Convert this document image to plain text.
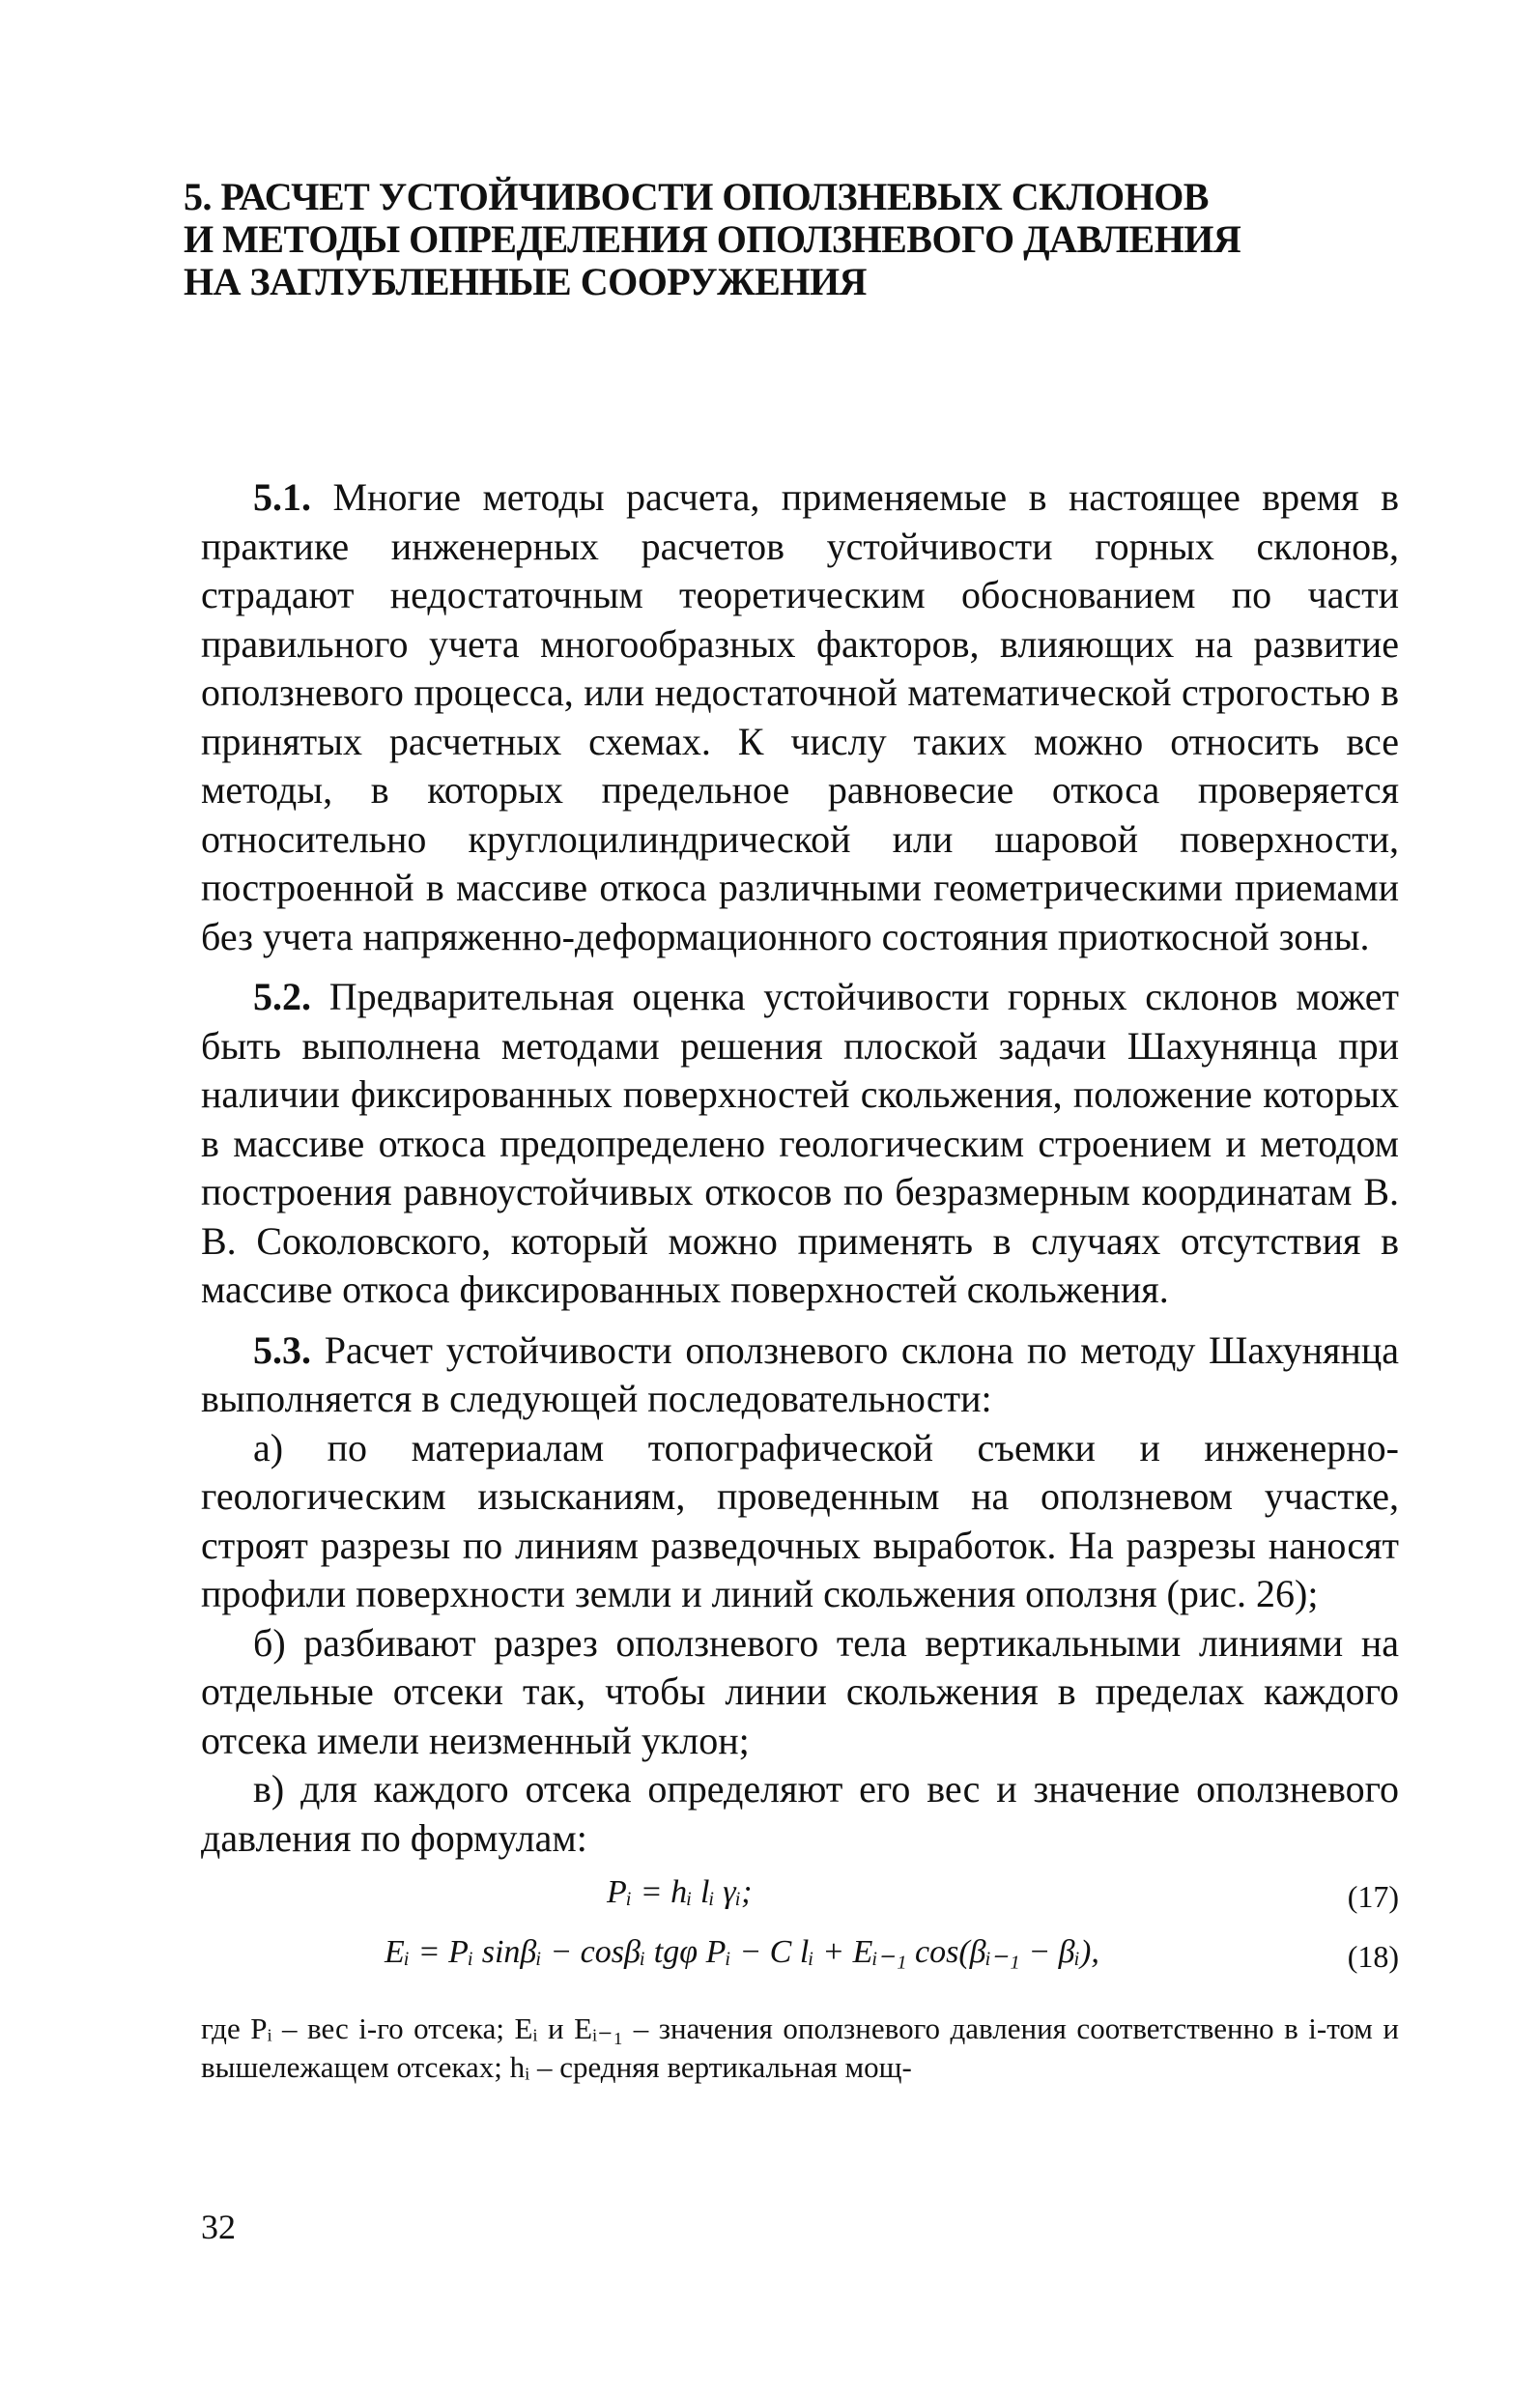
5. РАСЧЕТ УСТОЙЧИВОСТИ ОПОЛЗНЕВЫХ СКЛОНОВ
И МЕТОДЫ ОПРЕДЕЛЕНИЯ ОПОЛЗНЕВОГО ДАВЛЕНИЯ
НА ЗАГЛУБЛЕННЫЕ СООРУЖЕНИЯ

5.1. Многие методы расчета, применяемые в настоящее время в практике инженерных расчетов устойчивости горных склонов, страдают недостаточным теоретическим обоснованием по части правильного учета многообразных факторов, влияющих на развитие оползневого процесса, или недостаточной математической строгостью в принятых расчетных схемах. К числу таких можно относить все методы, в которых предельное равновесие откоса проверяется относительно круглоцилиндрической или шаровой поверхности, построенной в массиве откоса различными геометрическими приемами без учета напряженно-деформационного состояния приоткосной зоны.

5.2. Предварительная оценка устойчивости горных склонов может быть выполнена методами решения плоской задачи Шахунянца при наличии фиксированных поверхностей скольжения, положение которых в массиве откоса предопределено геологическим строением и методом построения равноустойчивых откосов по безразмерным координатам В. В. Соколовского, который можно применять в случаях отсутствия в массиве откоса фиксированных поверхностей скольжения.

5.3. Расчет устойчивости оползневого склона по методу Шахунянца выполняется в следующей последовательности:

а) по материалам топографической съемки и инженерно-геологическим изысканиям, проведенным на оползневом участке, строят разрезы по линиям разведочных выработок. На разрезы наносят профили поверхности земли и линий скольжения оползня (рис. 26);

б) разбивают разрез оползневого тела вертикальными линиями на отдельные отсеки так, чтобы линии скольжения в пределах каждого отсека имели неизменный уклон;

в) для каждого отсека определяют его вес и значение оползневого давления по формулам:

Pᵢ = hᵢ lᵢ γᵢ;	(17)
Eᵢ = Pᵢ sinβᵢ − cosβᵢ tgφ Pᵢ − C lᵢ + Eᵢ₋₁ cos(βᵢ₋₁ − βᵢ),	(18)

где Pᵢ – вес i-го отсека; Eᵢ и Eᵢ₋₁ – значения оползневого давления соответственно в i-том и вышележащем отсеках; hᵢ – средняя вертикальная мощ-

32
